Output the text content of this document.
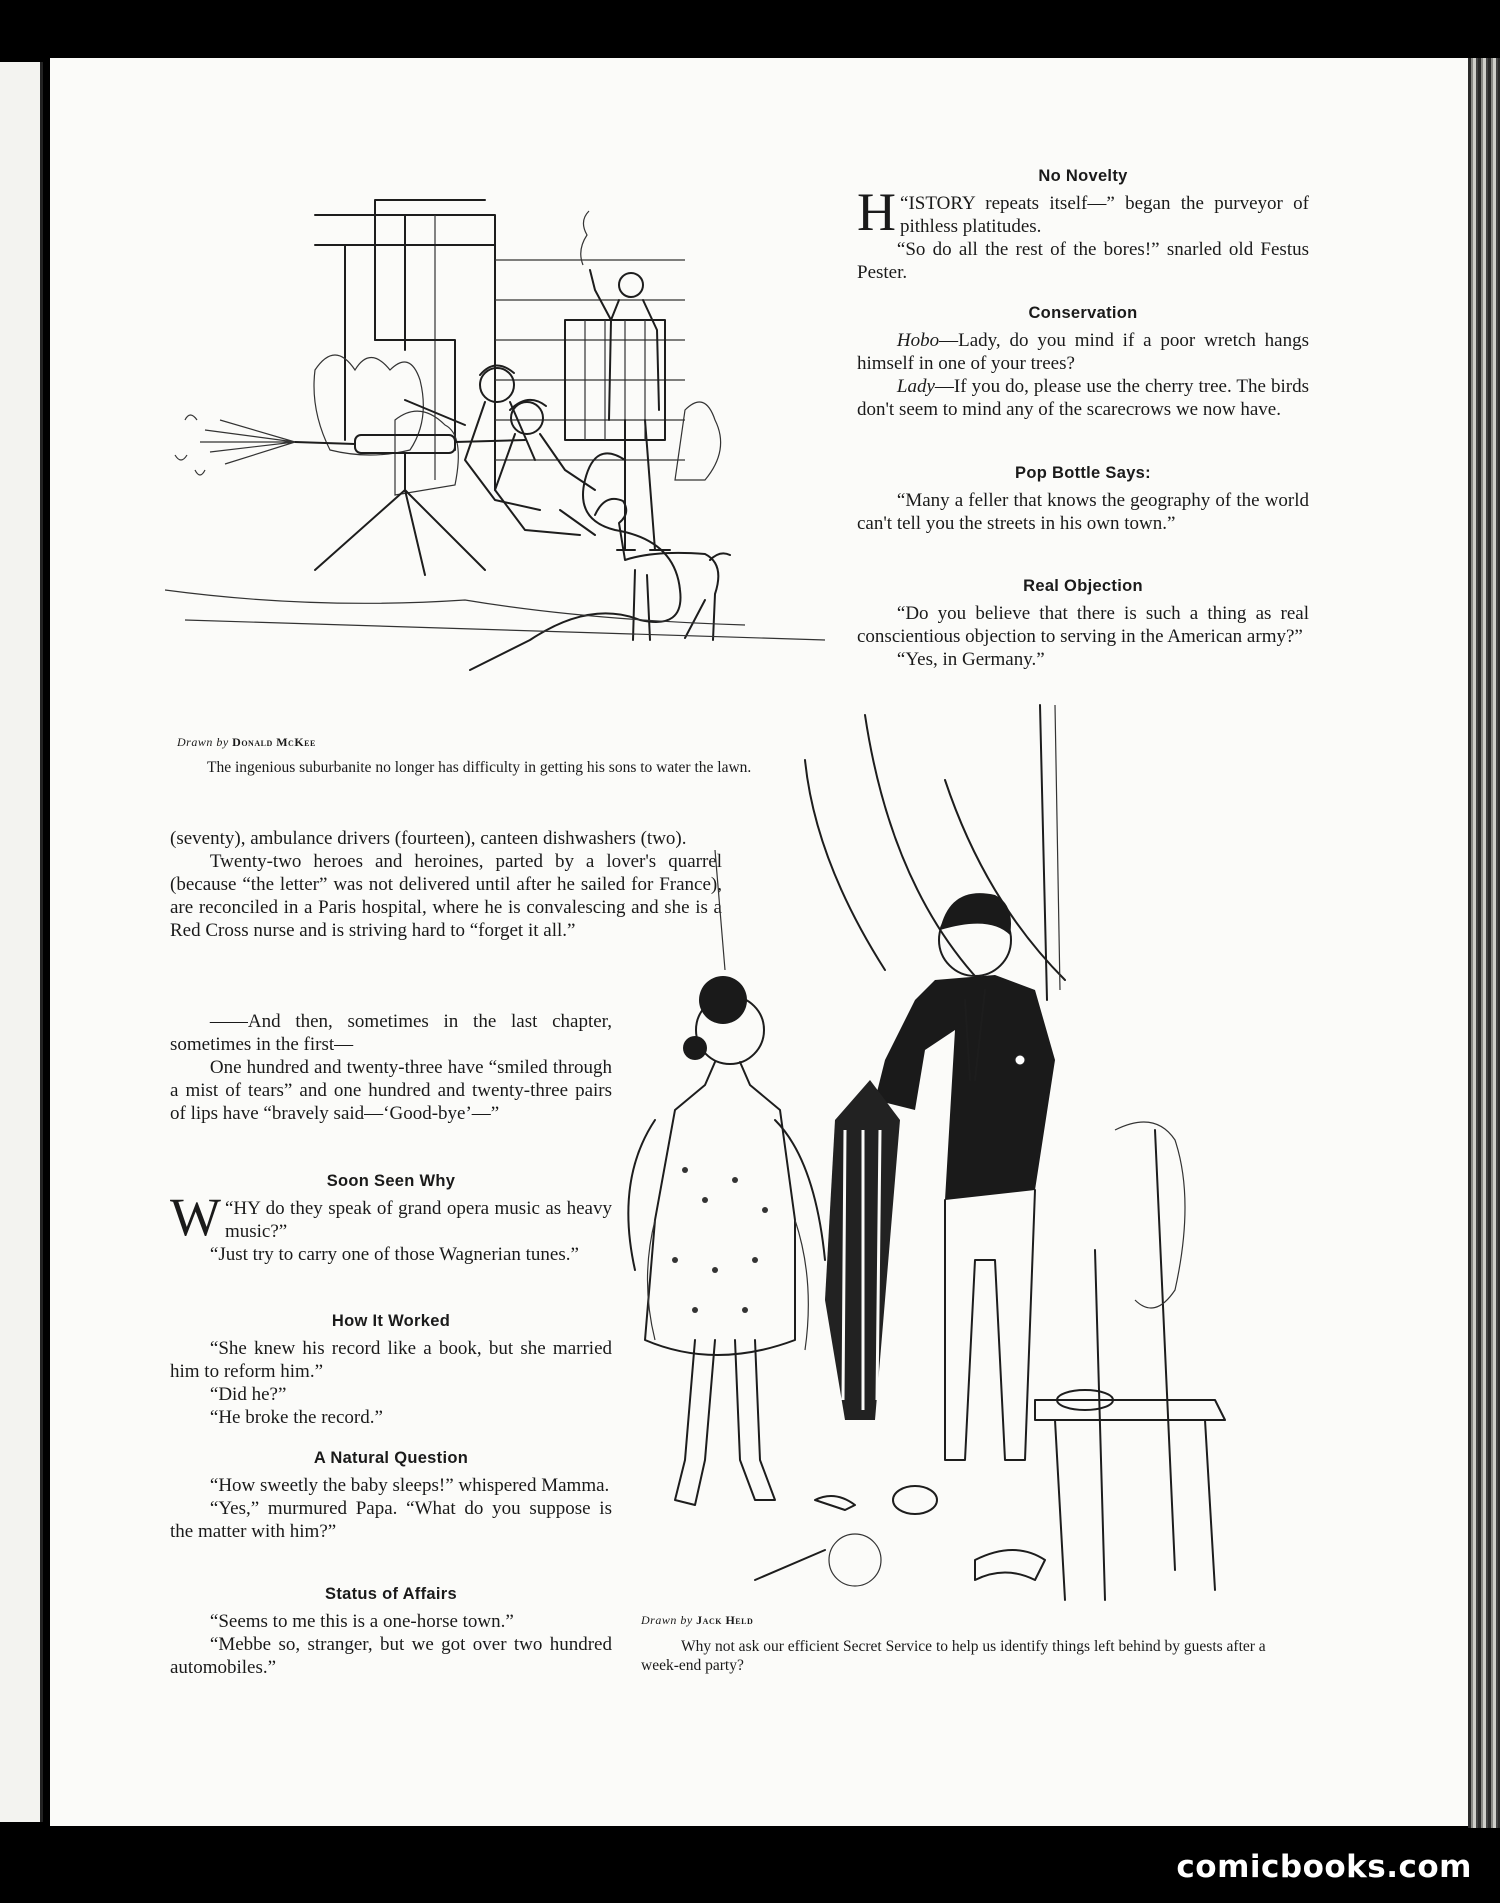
Drawn by Donald McKee
The ingenious suburbanite no longer has difficulty in getting his sons to water the lawn.

(seventy), ambulance drivers (fourteen), canteen dishwashers (two).

Twenty-two heroes and heroines, parted by a lover's quarrel (because “the letter” was not delivered until after he sailed for France), are reconciled in a Paris hospital, where he is convalescing and she is a Red Cross nurse and is striving hard to “forget it all.”

——And then, sometimes in the last chapter, sometimes in the first—

One hundred and twenty-three have “smiled through a mist of tears” and one hundred and twenty-three pairs of lips have “bravely said—‘Good-bye’—”

Soon Seen Why

“
W HY do they speak of grand opera music as heavy music?”

“Just try to carry one of those Wagnerian tunes.”

How It Worked

“She knew his record like a book, but she married him to reform him.”

“Did he?”

“He broke the record.”

A Natural Question

“How sweetly the baby sleeps!” whispered Mamma.

“Yes,” murmured Papa. “What do you suppose is the matter with him?”

Status of Affairs

“Seems to me this is a one-horse town.”

“Mebbe so, stranger, but we got over two hundred automobiles.”

No Novelty

“
H ISTORY repeats itself—” began the purveyor of pithless platitudes.

“So do all the rest of the bores!” snarled old Festus Pester.

Conservation

Hobo—Lady, do you mind if a poor wretch hangs himself in one of your trees?

Lady—If you do, please use the cherry tree. The birds don't seem to mind any of the scarecrows we now have.

Pop Bottle Says:

“Many a feller that knows the geography of the world can't tell you the streets in his own town.”

Real Objection

“Do you believe that there is such a thing as real conscientious objection to serving in the American army?”

“Yes, in Germany.”

Drawn by Jack Held
Why not ask our efficient Secret Service to help us identify things left behind by guests after a week-end party?
comicbooks.com
